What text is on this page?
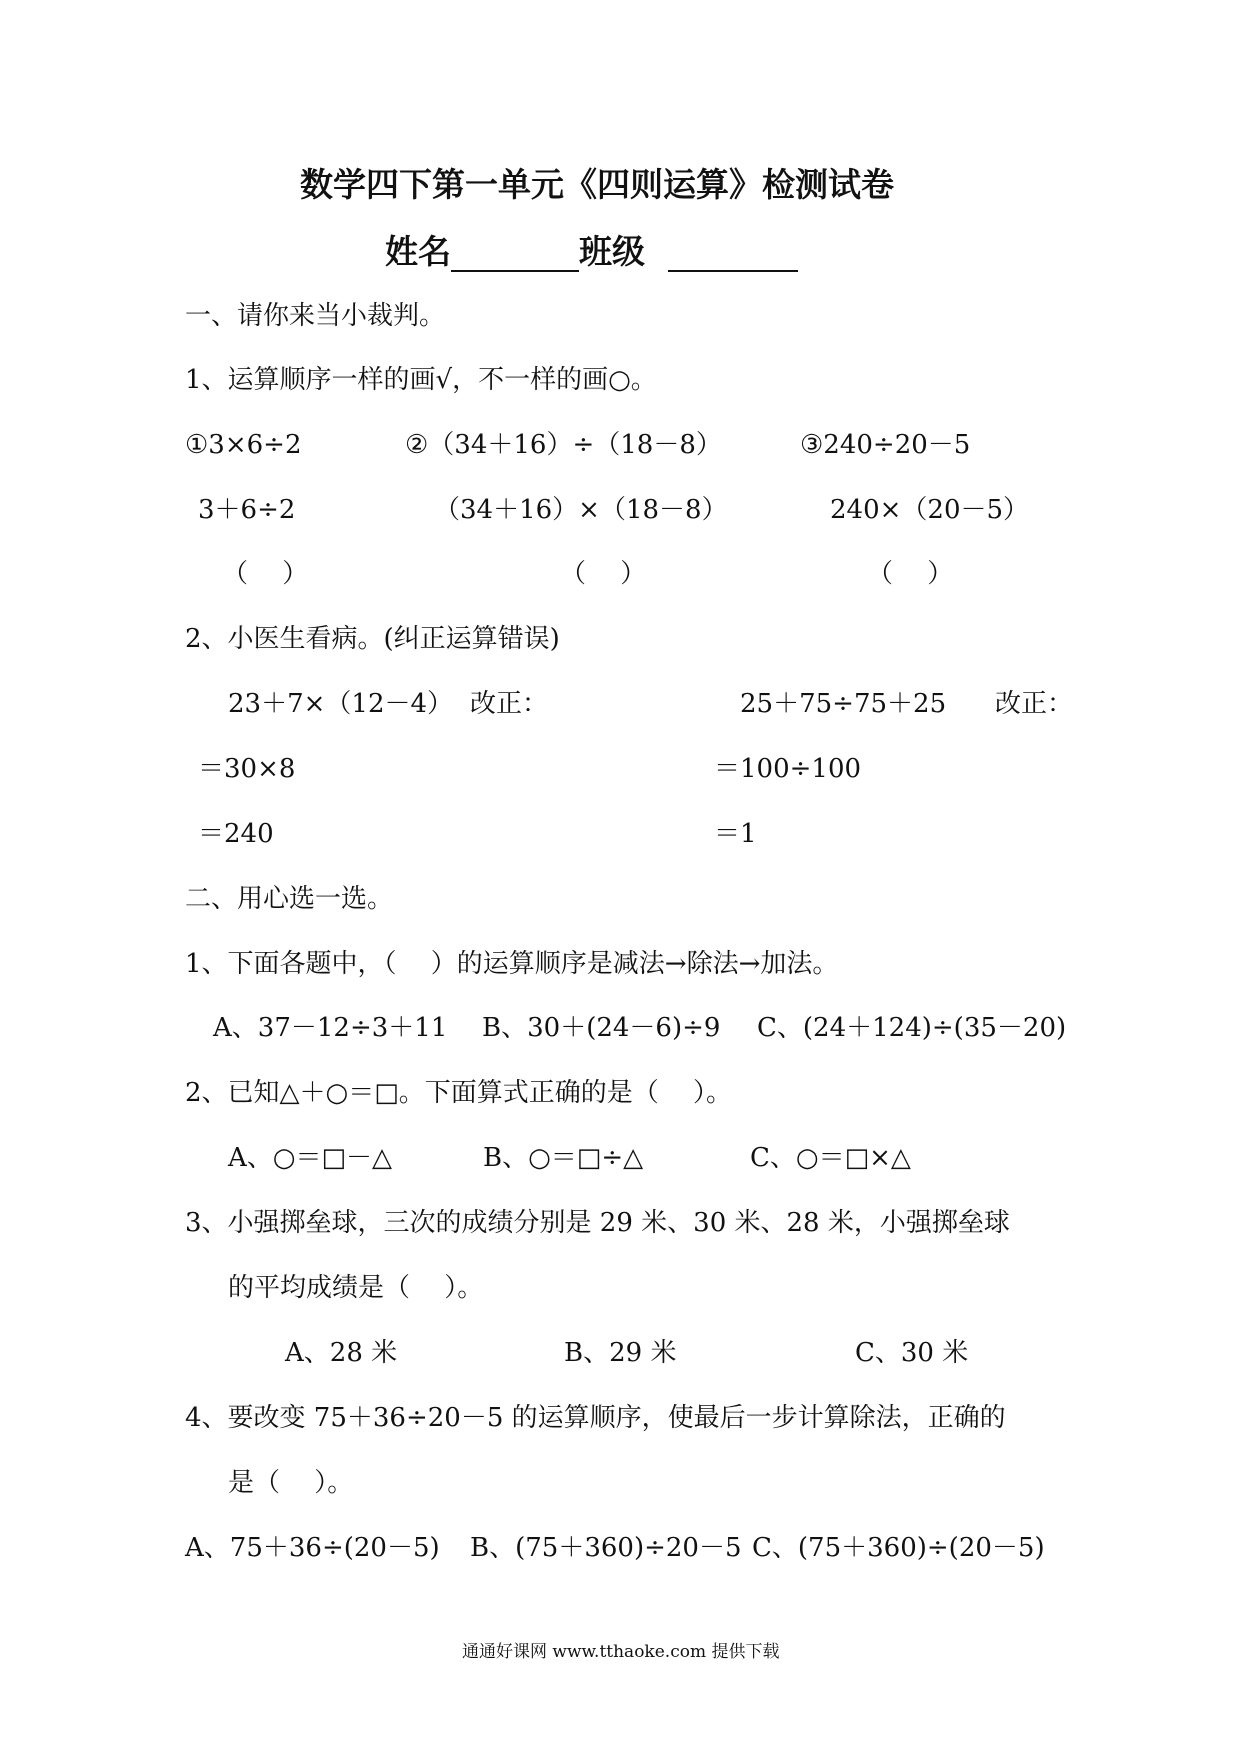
数学四下第一单元《四则运算》检测试卷
姓名	班级
一、请你来当小裁判。
1、运算顺序一样的画√，不一样的画○。
①3×6÷2	②（34＋16）÷（18－8）	③240÷20－5
3＋6÷2	（34＋16）×（18－8）	240×（20－5）
（　 ）	（　 ）	（　 ）
2、小医生看病。(纠正运算错误)
23＋7×（12－4） 改正：	25＋75÷75＋25 改正：
＝30×8	＝100÷100
＝240	＝1
二、用心选一选。
1、下面各题中，（　 ）的运算顺序是减法→除法→加法。
A、37－12÷3＋11 B、30＋(24－6)÷9 C、(24＋124)÷(35－20)
2、已知△＋○＝□。下面算式正确的是（　 ）。
A、○＝□－△	B、○＝□÷△	C、○＝□×△
3、小强掷垒球，三次的成绩分别是 29 米、30 米、28 米，小强掷垒球
的平均成绩是（　 ）。
A、28 米	B、29 米	C、30 米
4、要改变 75＋36÷20－5 的运算顺序，使最后一步计算除法，正确的
是（　 ）。
A、75＋36÷(20－5) B、(75＋360)÷20－5 C、(75＋360)÷(20－5)
通通好课网 www.tthaoke.com 提供下载
